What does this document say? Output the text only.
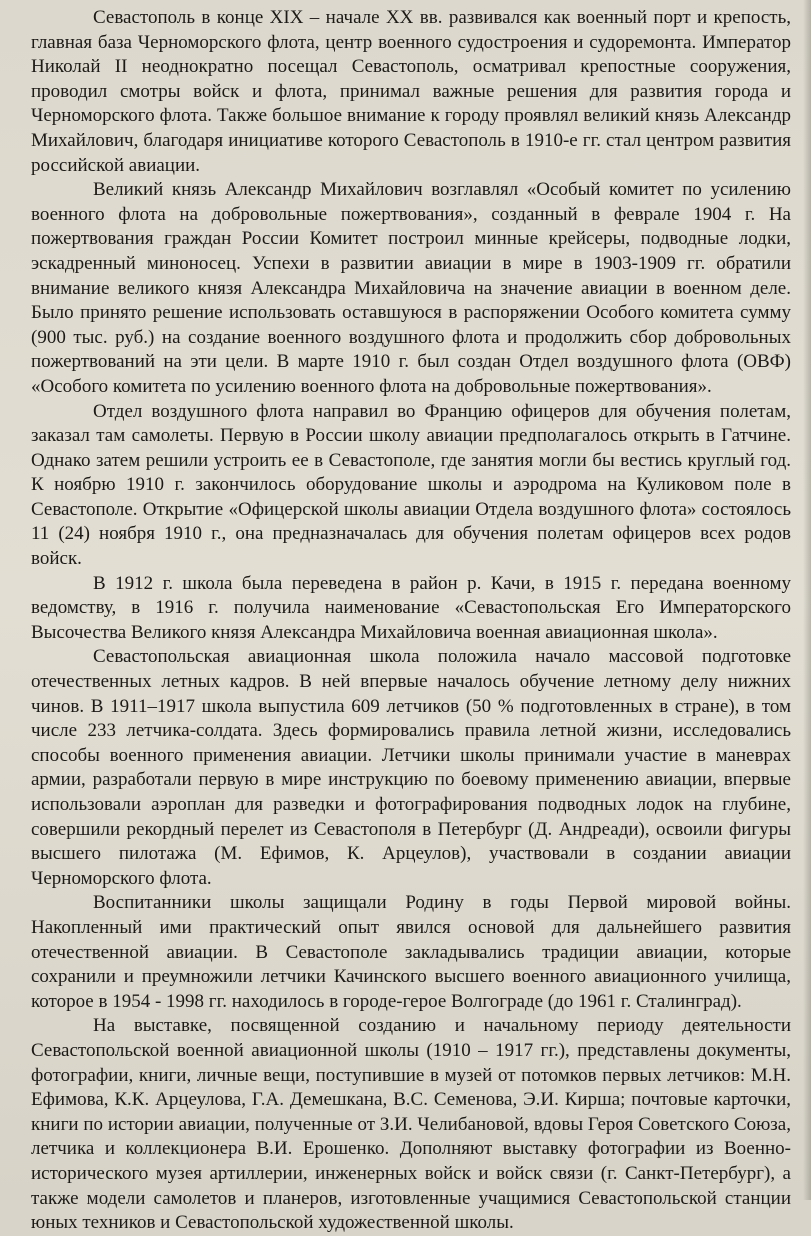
Севастополь в конце XIX – начале XX вв. развивался как военный порт и крепость, главная база Черноморского флота, центр военного судостроения и судоремонта. Император Николай II неоднократно посещал Севастополь, осматривал крепостные сооружения, проводил смотры войск и флота, принимал важные решения для развития города и Черноморского флота. Также большое внимание к городу проявлял великий князь Александр Михайлович, благодаря инициативе которого Севастополь в 1910-е гг. стал центром развития российской авиации.

Великий князь Александр Михайлович возглавлял «Особый комитет по усилению военного флота на добровольные пожертвования», созданный в феврале 1904 г. На пожертвования граждан России Комитет построил минные крейсеры, подводные лодки, эскадренный миноносец. Успехи в развитии авиации в мире в 1903-1909 гг. обратили внимание великого князя Александра Михайловича на значение авиации в военном деле. Было принято решение использовать оставшуюся в распоряжении Особого комитета сумму (900 тыс. руб.) на создание военного воздушного флота и продолжить сбор добровольных пожертвований на эти цели. В марте 1910 г. был создан Отдел воздушного флота (ОВФ) «Особого комитета по усилению военного флота на добровольные пожертвования».

Отдел воздушного флота направил во Францию офицеров для обучения полетам, заказал там самолеты. Первую в России школу авиации предполагалось открыть в Гатчине. Однако затем решили устроить ее в Севастополе, где занятия могли бы вестись круглый год. К ноябрю 1910 г. закончилось оборудование школы и аэродрома на Куликовом поле в Севастополе. Открытие «Офицерской школы авиации Отдела воздушного флота» состоялось 11 (24) ноября 1910 г., она предназначалась для обучения полетам офицеров всех родов войск.

В 1912 г. школа была переведена в район р. Качи, в 1915 г. передана военному ведомству, в 1916 г. получила наименование «Севастопольская Его Императорского Высочества Великого князя Александра Михайловича военная авиационная школа».

Севастопольская авиационная школа положила начало массовой подготовке отечественных летных кадров. В ней впервые началось обучение летному делу нижних чинов. В 1911–1917 школа выпустила 609 летчиков (50 % подготовленных в стране), в том числе 233 летчика-солдата. Здесь формировались правила летной жизни, исследовались способы военного применения авиации. Летчики школы принимали участие в маневрах армии, разработали первую в мире инструкцию по боевому применению авиации, впервые использовали аэроплан для разведки и фотографирования подводных лодок на глубине, совершили рекордный перелет из Севастополя в Петербург (Д. Андреади), освоили фигуры высшего пилотажа (М. Ефимов, К. Арцеулов), участвовали в создании авиации Черноморского флота.

Воспитанники школы защищали Родину в годы Первой мировой войны. Накопленный ими практический опыт явился основой для дальнейшего развития отечественной авиации. В Севастополе закладывались традиции авиации, которые сохранили и преумножили летчики Качинского высшего военного авиационного училища, которое в 1954 - 1998 гг. находилось в городе-герое Волгограде (до 1961 г. Сталинград).

На выставке, посвященной созданию и начальному периоду деятельности Севастопольской военной авиационной школы (1910 – 1917 гг.), представлены документы, фотографии, книги, личные вещи, поступившие в музей от потомков первых летчиков: М.Н. Ефимова, К.К. Арцеулова, Г.А. Демешкана, В.С. Семенова, Э.И. Кирша; почтовые карточки, книги по истории авиации, полученные от З.И. Челибановой, вдовы Героя Советского Союза, летчика и коллекционера В.И. Ерошенко. Дополняют выставку фотографии из Военно-исторического музея артиллерии, инженерных войск и войск связи (г. Санкт-Петербург), а также модели самолетов и планеров, изготовленные учащимися Севастопольской станции юных техников и Севастопольской художественной школы.
